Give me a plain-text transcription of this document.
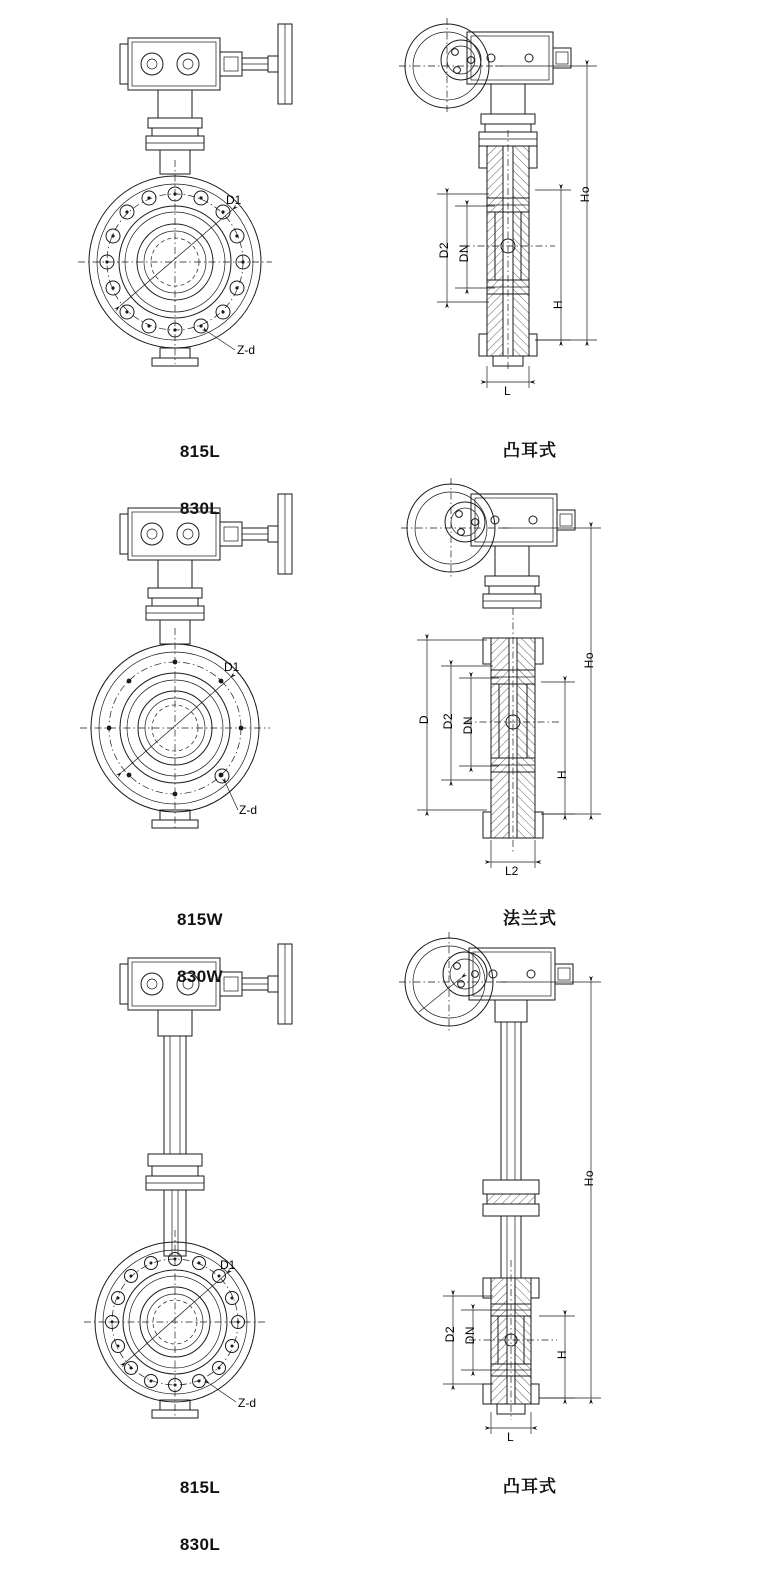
D1
Z-d

815L

830L

Ho
H
D2 DN
L

凸耳式

D1
Z-d

815W

830W

Ho
H
D D2 DN
L2

法兰式

D1
Z-d

815L

830L

Ho
H
D2 DN
L

凸耳式
